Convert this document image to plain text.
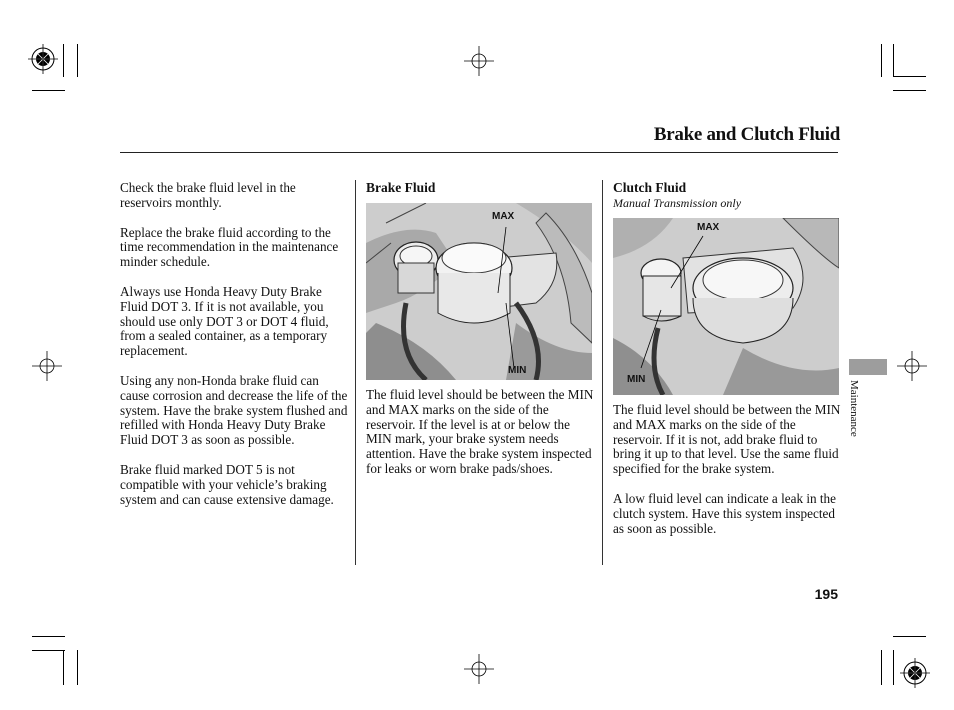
Brake and Clutch Fluid

Check the brake fluid level in the reservoirs monthly.

Replace the brake fluid according to the time recommendation in the maintenance minder schedule.

Always use Honda Heavy Duty Brake Fluid DOT 3. If it is not available, you should use only DOT 3 or DOT 4 fluid, from a sealed container, as a temporary replacement.

Using any non-Honda brake fluid can cause corrosion and decrease the life of the system. Have the brake system flushed and refilled with Honda Heavy Duty Brake Fluid DOT 3 as soon as possible.

Brake fluid marked DOT 5 is not compatible with your vehicle’s braking system and can cause extensive damage.

Brake Fluid
MAX
MIN

The fluid level should be between the MIN and MAX marks on the side of the reservoir. If the level is at or below the MIN mark, your brake system needs attention. Have the brake system inspected for leaks or worn brake pads/shoes.

Clutch Fluid
Manual Transmission only
MAX
MIN

The fluid level should be between the MIN and MAX marks on the side of the reservoir. If it is not, add brake fluid to bring it up to that level. Use the same fluid specified for the brake system.

A low fluid level can indicate a leak in the clutch system. Have this system inspected as soon as possible.

Maintenance
195
